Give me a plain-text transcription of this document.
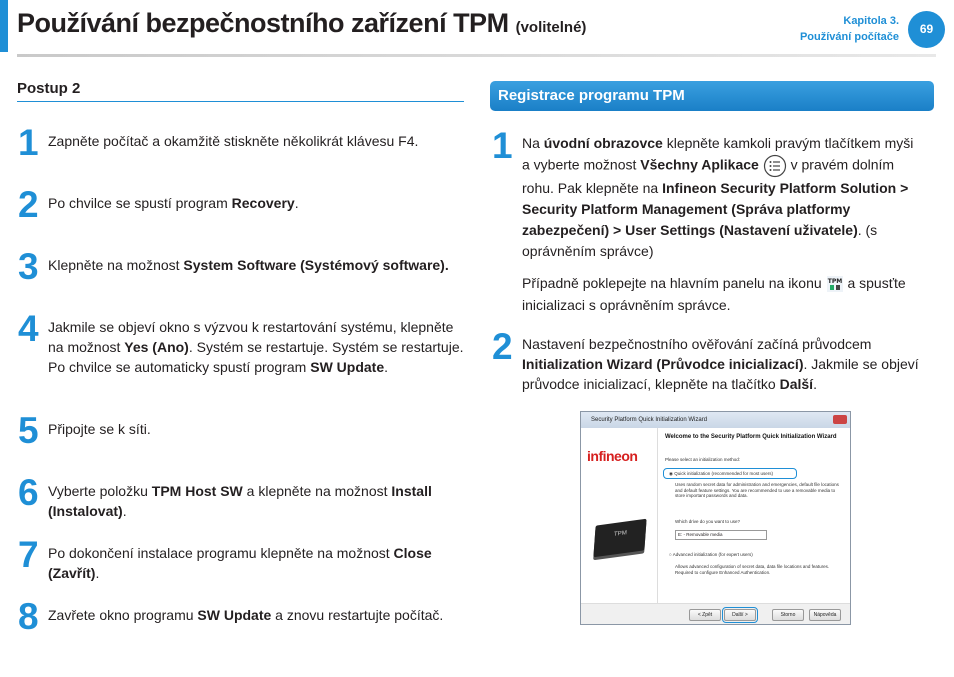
Používání bezpečnostního zařízení TPM (volitelné)	Kapitola 3.
Používání počítače
69
Postup 2
1 Zapněte počítač a okamžitě stiskněte několikrát klávesu F4.
2 Po chvilce se spustí program Recovery.
3 Klepněte na možnost System Software (Systémový software).
4 Jakmile se objeví okno s výzvou k restartování systému, klepněte na možnost Yes (Ano). Systém se restartuje. Systém se restartuje. Po chvilce se automaticky spustí program SW Update.
5 Připojte se k síti.
6 Vyberte položku TPM Host SW a klepněte na možnost Install (Instalovat).
7 Po dokončení instalace programu klepněte na možnost Close (Zavřít).
8 Zavřete okno programu SW Update a znovu restartujte počítač.
Registrace programu TPM
1 Na úvodní obrazovce klepněte kamkoli pravým tlačítkem myši a vyberte možnost Všechny Aplikace  v pravém dolním rohu. Pak klepněte na Infineon Security Platform Solution > Security Platform Management (Správa platformy zabezpečení) > User Settings (Nastavení uživatele). (s oprávněním správce)
Případně poklepejte na hlavním panelu na ikonu TPM a spusťte inicializaci s oprávněním správce.
2 Nastavení bezpečnostního ověřování začíná průvodcem Initialization Wizard (Průvodce inicializací). Jakmile se objeví průvodce inicializací, klepněte na tlačítko Další.
Security Platform Quick Initialization Wizard
infineon
TPM
Welcome to the Security Platform Quick Initialization Wizard
Please select an initialization method:
◉ Quick initialization (recommended for most users)
Uses random secret data for administration and emergencies, default file locations and default feature settings. You are recommended to use a removable media to store important passwords and data.
Which drive do you want to use?
E: - Removable media
○ Advanced initialization (for expert users)
Allows advanced configuration of secret data, data file locations and features. Required to configure Enhanced Authentication.
< Zpět	Další >	Storno	Nápověda
